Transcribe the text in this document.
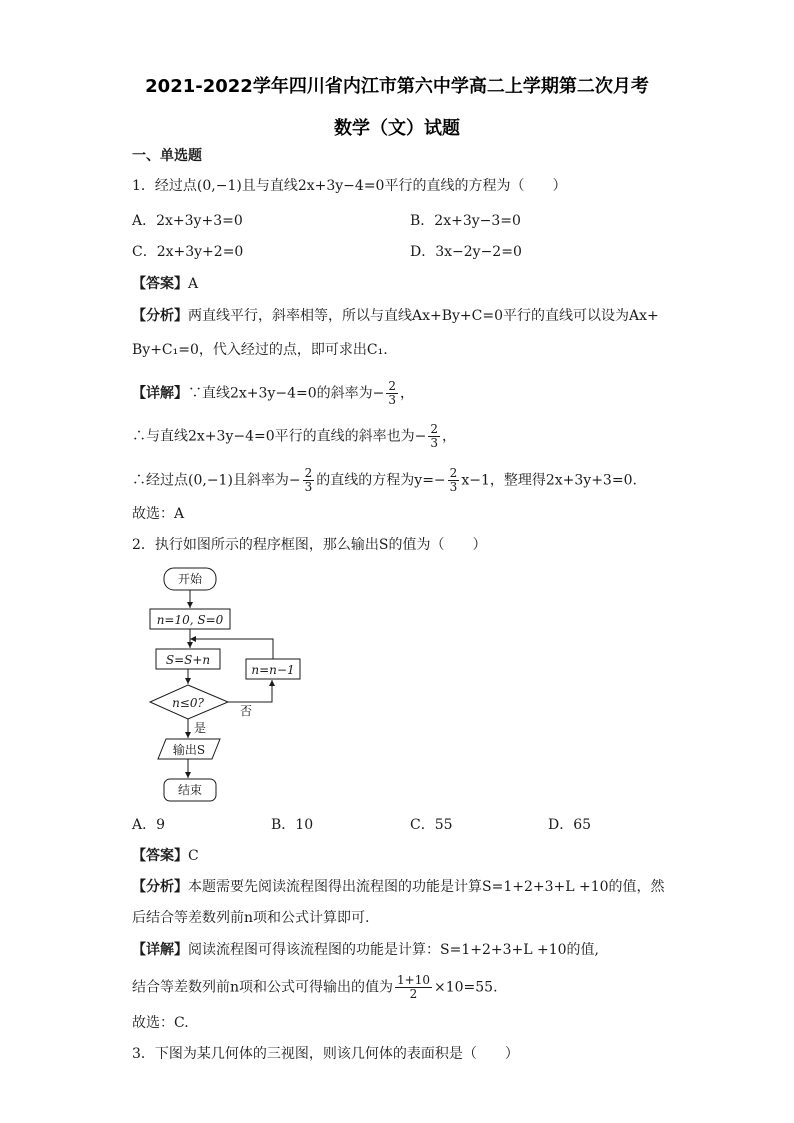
2021-2022学年四川省内江市第六中学高二上学期第二次月考
数学（文）试题
一、单选题
1．经过点(0,−1)且与直线2x+3y−4=0平行的直线的方程为（　　）
A．2x+3y+3=0	B．2x+3y−3=0
C．2x+3y+2=0	D．3x−2y−2=0
【答案】A
【分析】两直线平行，斜率相等，所以与直线Ax+By+C=0平行的直线可以设为Ax+
By+C₁=0，代入经过的点，即可求出C₁.
【详解】∵直线2x+3y−4=0的斜率为− $\frac{2}{3}$ ，
∴与直线2x+3y−4=0平行的直线的斜率也为− $\frac{2}{3}$ ，
∴经过点(0,−1)且斜率为− $\frac{2}{3}$ 的直线的方程为$y=- \frac{2}{3} x-1$，整理得2x+3y+3=0.
故选：A
2．执行如图所示的程序框图，那么输出S的值为（　　）
开始
n=10, S=0
S=S+n
n≤0?
否
n=n−1
是
输出S
结束
A．9	B．10	C．55	D．65
【答案】C
【分析】本题需要先阅读流程图得出流程图的功能是计算S=1+2+3+L +10的值，然
后结合等差数列前n项和公式计算即可.
【详解】阅读流程图可得该流程图的功能是计算：S=1+2+3+L +10的值,
结合等差数列前n项和公式可得输出的值为 $\frac{1+10}{2} \times 10=55$.
故选：C.
3．下图为某几何体的三视图，则该几何体的表面积是（　　）
